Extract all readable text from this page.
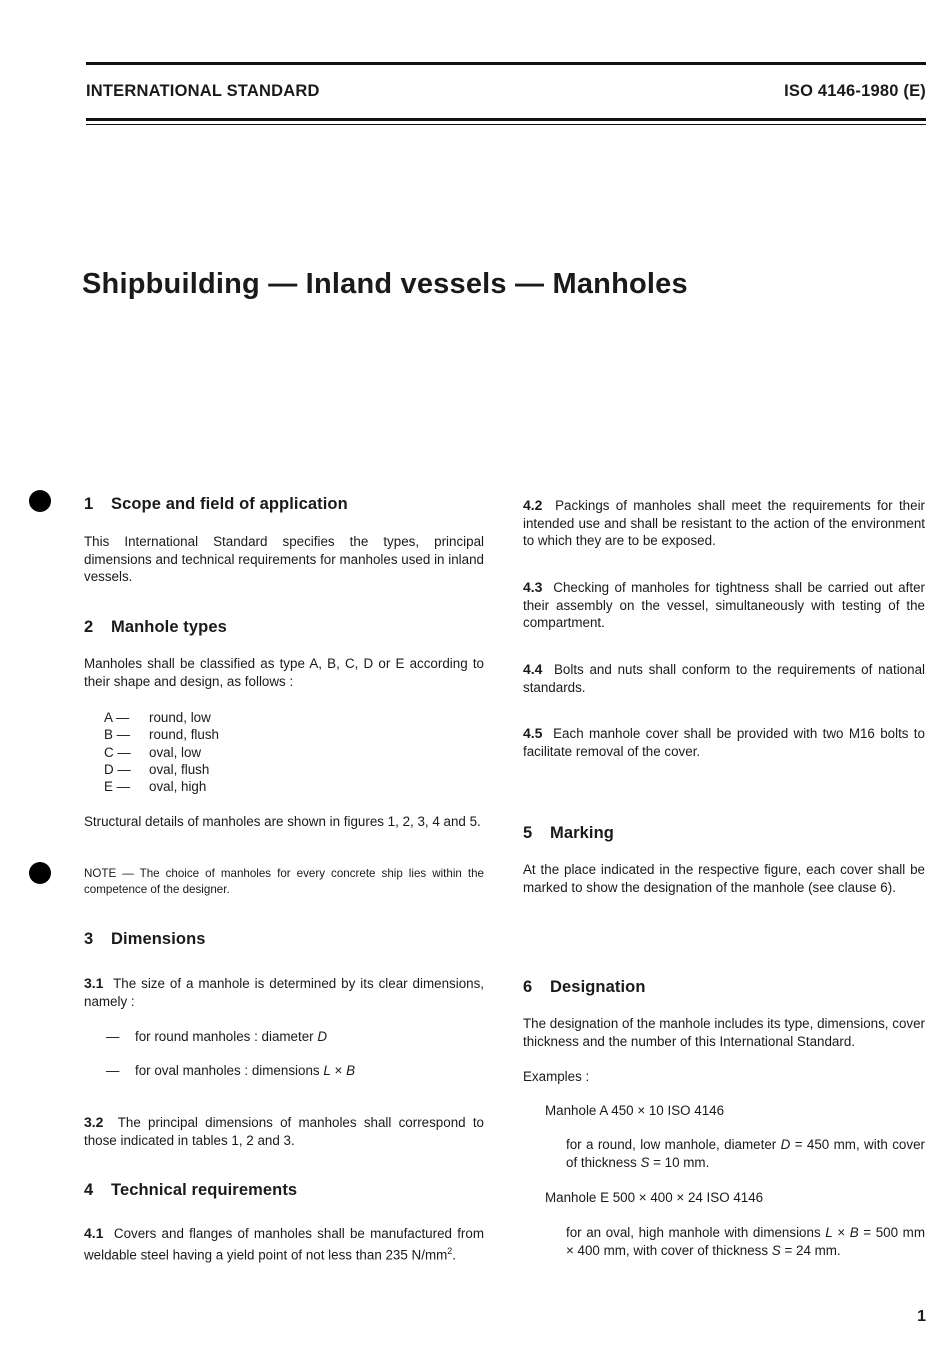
INTERNATIONAL STANDARD	ISO 4146-1980 (E)
Shipbuilding — Inland vessels — Manholes
1 Scope and field of application
This International Standard specifies the types, principal dimensions and technical requirements for manholes used in inland vessels.
2 Manhole types
Manholes shall be classified as type A, B, C, D or E according to their shape and design, as follows :
A — round, low
B — round, flush
C — oval, low
D — oval, flush
E — oval, high
Structural details of manholes are shown in figures 1, 2, 3, 4 and 5.
NOTE — The choice of manholes for every concrete ship lies within the competence of the designer.
3 Dimensions
3.1 The size of a manhole is determined by its clear dimensions, namely :
— for round manholes : diameter D
— for oval manholes : dimensions L × B
3.2 The principal dimensions of manholes shall correspond to those indicated in tables 1, 2 and 3.
4 Technical requirements
4.1 Covers and flanges of manholes shall be manufactured from weldable steel having a yield point of not less than 235 $N/mm^2$.
4.2 Packings of manholes shall meet the requirements for their intended use and shall be resistant to the action of the environment to which they are to be exposed.
4.3 Checking of manholes for tightness shall be carried out after their assembly on the vessel, simultaneously with testing of the compartment.
4.4 Bolts and nuts shall conform to the requirements of national standards.
4.5 Each manhole cover shall be provided with two M16 bolts to facilitate removal of the cover.
5 Marking
At the place indicated in the respective figure, each cover shall be marked to show the designation of the manhole (see clause 6).
6 Designation
The designation of the manhole includes its type, dimensions, cover thickness and the number of this International Standard.
Examples :
Manhole A 450 × 10 ISO 4146
for a round, low manhole, diameter D = 450 mm, with cover of thickness S = 10 mm.
Manhole E 500 × 400 × 24 ISO 4146
for an oval, high manhole with dimensions L × B = 500 mm × 400 mm, with cover of thickness S = 24 mm.
1
